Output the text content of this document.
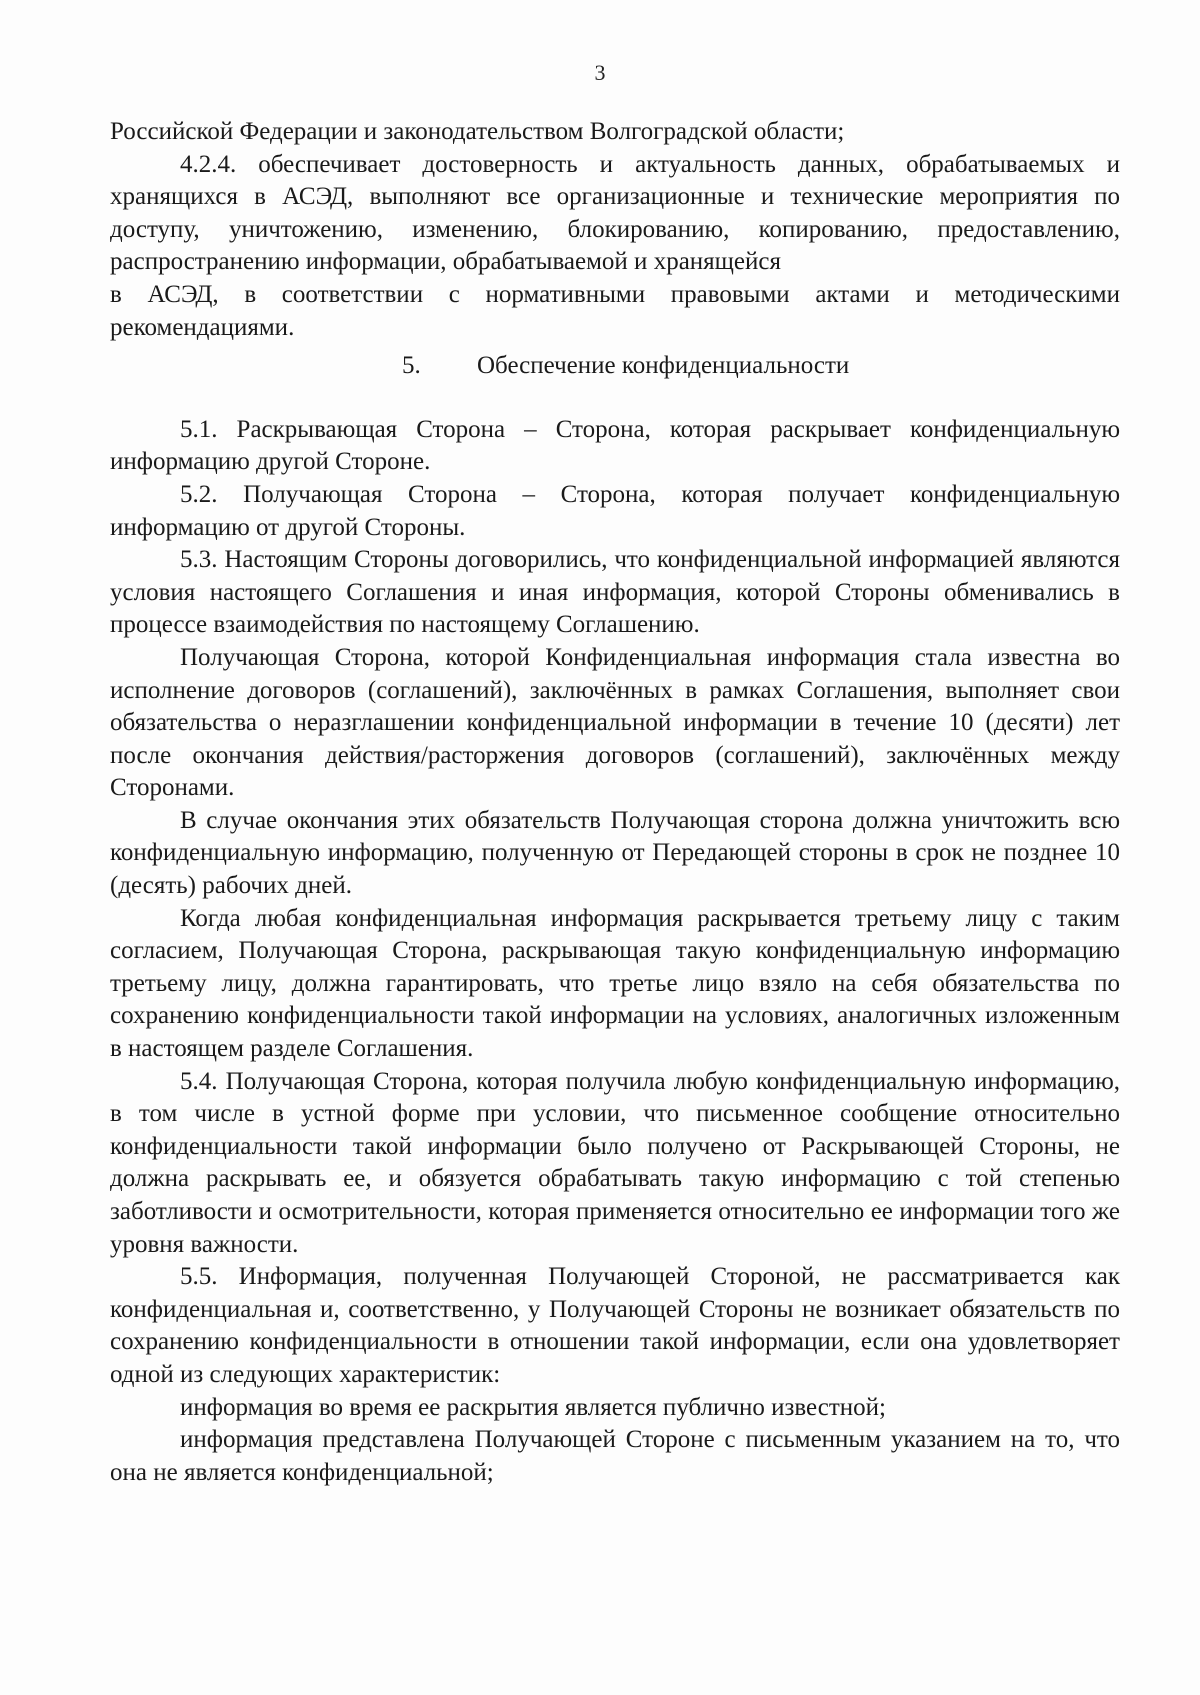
3

Российской Федерации и законодательством Волгоградской области;

4.2.4. обеспечивает достоверность и актуальность данных, обрабатываемых и хранящихся в АСЭД, выполняют все организационные и технические мероприятия по доступу, уничтожению, изменению, блокированию, копированию, предоставлению, распространению информации, обрабатываемой и хранящейся

в АСЭД, в соответствии с нормативными правовыми актами и методическими рекомендациями.

5. Обеспечение конфиденциальности

5.1. Раскрывающая Сторона – Сторона, которая раскрывает конфиденциальную информацию другой Стороне.

5.2. Получающая Сторона – Сторона, которая получает конфиденциальную информацию от другой Стороны.

5.3. Настоящим Стороны договорились, что конфиденциальной информацией являются условия настоящего Соглашения и иная информация, которой Стороны обменивались в процессе взаимодействия по настоящему Соглашению.

Получающая Сторона, которой Конфиденциальная информация стала известна во исполнение договоров (соглашений), заключённых в рамках Соглашения, выполняет свои обязательства о неразглашении конфиденциальной информации в течение 10 (десяти) лет после окончания действия/расторжения договоров (соглашений), заключённых между Сторонами.

В случае окончания этих обязательств Получающая сторона должна уничтожить всю конфиденциальную информацию, полученную от Передающей стороны в срок не позднее 10 (десять) рабочих дней.

Когда любая конфиденциальная информация раскрывается третьему лицу с таким согласием, Получающая Сторона, раскрывающая такую конфиденциальную информацию третьему лицу, должна гарантировать, что третье лицо взяло на себя обязательства по сохранению конфиденциальности такой информации на условиях, аналогичных изложенным в настоящем разделе Соглашения.

5.4. Получающая Сторона, которая получила любую конфиденциальную информацию, в том числе в устной форме при условии, что письменное сообщение относительно конфиденциальности такой информации было получено от Раскрывающей Стороны, не должна раскрывать ее, и обязуется обрабатывать такую информацию с той степенью заботливости и осмотрительности, которая применяется относительно ее информации того же уровня важности.

5.5. Информация, полученная Получающей Стороной, не рассматривается как конфиденциальная и, соответственно, у Получающей Стороны не возникает обязательств по сохранению конфиденциальности в отношении такой информации, если она удовлетворяет одной из следующих характеристик:

информация во время ее раскрытия является публично известной;

информация представлена Получающей Стороне с письменным указанием на то, что она не является конфиденциальной;
